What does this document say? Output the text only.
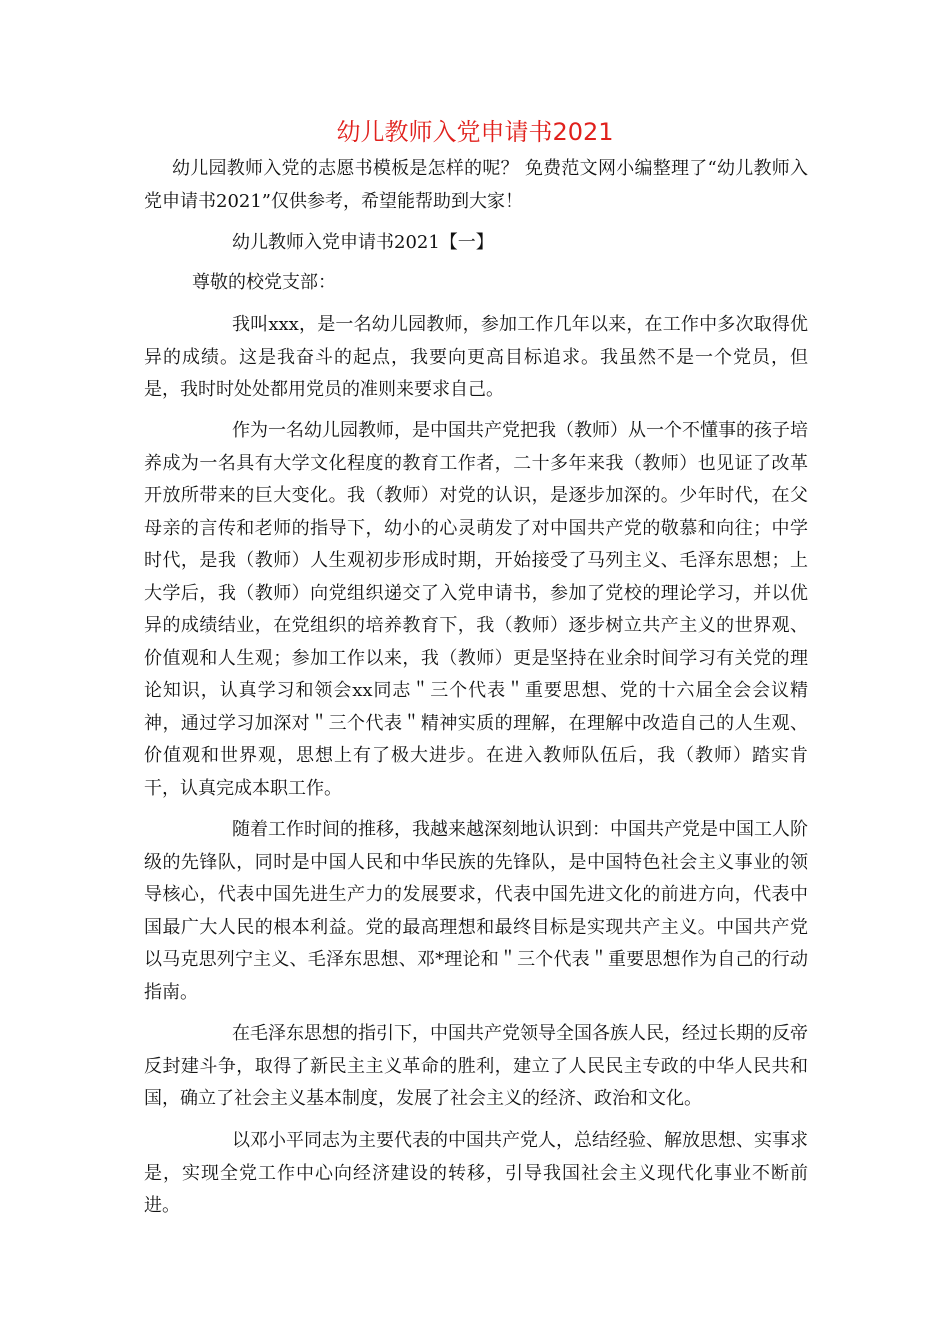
幼儿教师入党申请书2021

幼儿园教师入党的志愿书模板是怎样的呢？ 免费范文网小编整理了“幼儿教师入党申请书2021”仅供参考，希望能帮助到大家！

幼儿教师入党申请书2021【一】

尊敬的校党支部：

我叫xxx，是一名幼儿园教师，参加工作几年以来，在工作中多次取得优异的成绩。这是我奋斗的起点，我要向更高目标追求。我虽然不是一个党员，但是，我时时处处都用党员的准则来要求自己。

作为一名幼儿园教师，是中国共产党把我（教师）从一个不懂事的孩子培养成为一名具有大学文化程度的教育工作者，二十多年来我（教师）也见证了改革开放所带来的巨大变化。我（教师）对党的认识，是逐步加深的。少年时代，在父母亲的言传和老师的指导下，幼小的心灵萌发了对中国共产党的敬慕和向往；中学时代，是我（教师）人生观初步形成时期，开始接受了马列主义、毛泽东思想；上大学后，我（教师）向党组织递交了入党申请书，参加了党校的理论学习，并以优异的成绩结业，在党组织的培养教育下，我（教师）逐步树立共产主义的世界观、价值观和人生观；参加工作以来，我（教师）更是坚持在业余时间学习有关党的理论知识，认真学习和领会xx同志＂三个代表＂重要思想、党的十六届全会会议精神，通过学习加深对＂三个代表＂精神实质的理解，在理解中改造自己的人生观、价值观和世界观，思想上有了极大进步。在进入教师队伍后，我（教师）踏实肯干，认真完成本职工作。

随着工作时间的推移，我越来越深刻地认识到：中国共产党是中国工人阶级的先锋队，同时是中国人民和中华民族的先锋队，是中国特色社会主义事业的领导核心，代表中国先进生产力的发展要求，代表中国先进文化的前进方向，代表中国最广大人民的根本利益。党的最高理想和最终目标是实现共产主义。中国共产党以马克思列宁主义、毛泽东思想、邓*理论和＂三个代表＂重要思想作为自己的行动指南。

在毛泽东思想的指引下，中国共产党领导全国各族人民，经过长期的反帝反封建斗争，取得了新民主主义革命的胜利，建立了人民民主专政的中华人民共和国，确立了社会主义基本制度，发展了社会主义的经济、政治和文化。

以邓小平同志为主要代表的中国共产党人，总结经验、解放思想、实事求是，实现全党工作中心向经济建设的转移，引导我国社会主义现代化事业不断前进。
